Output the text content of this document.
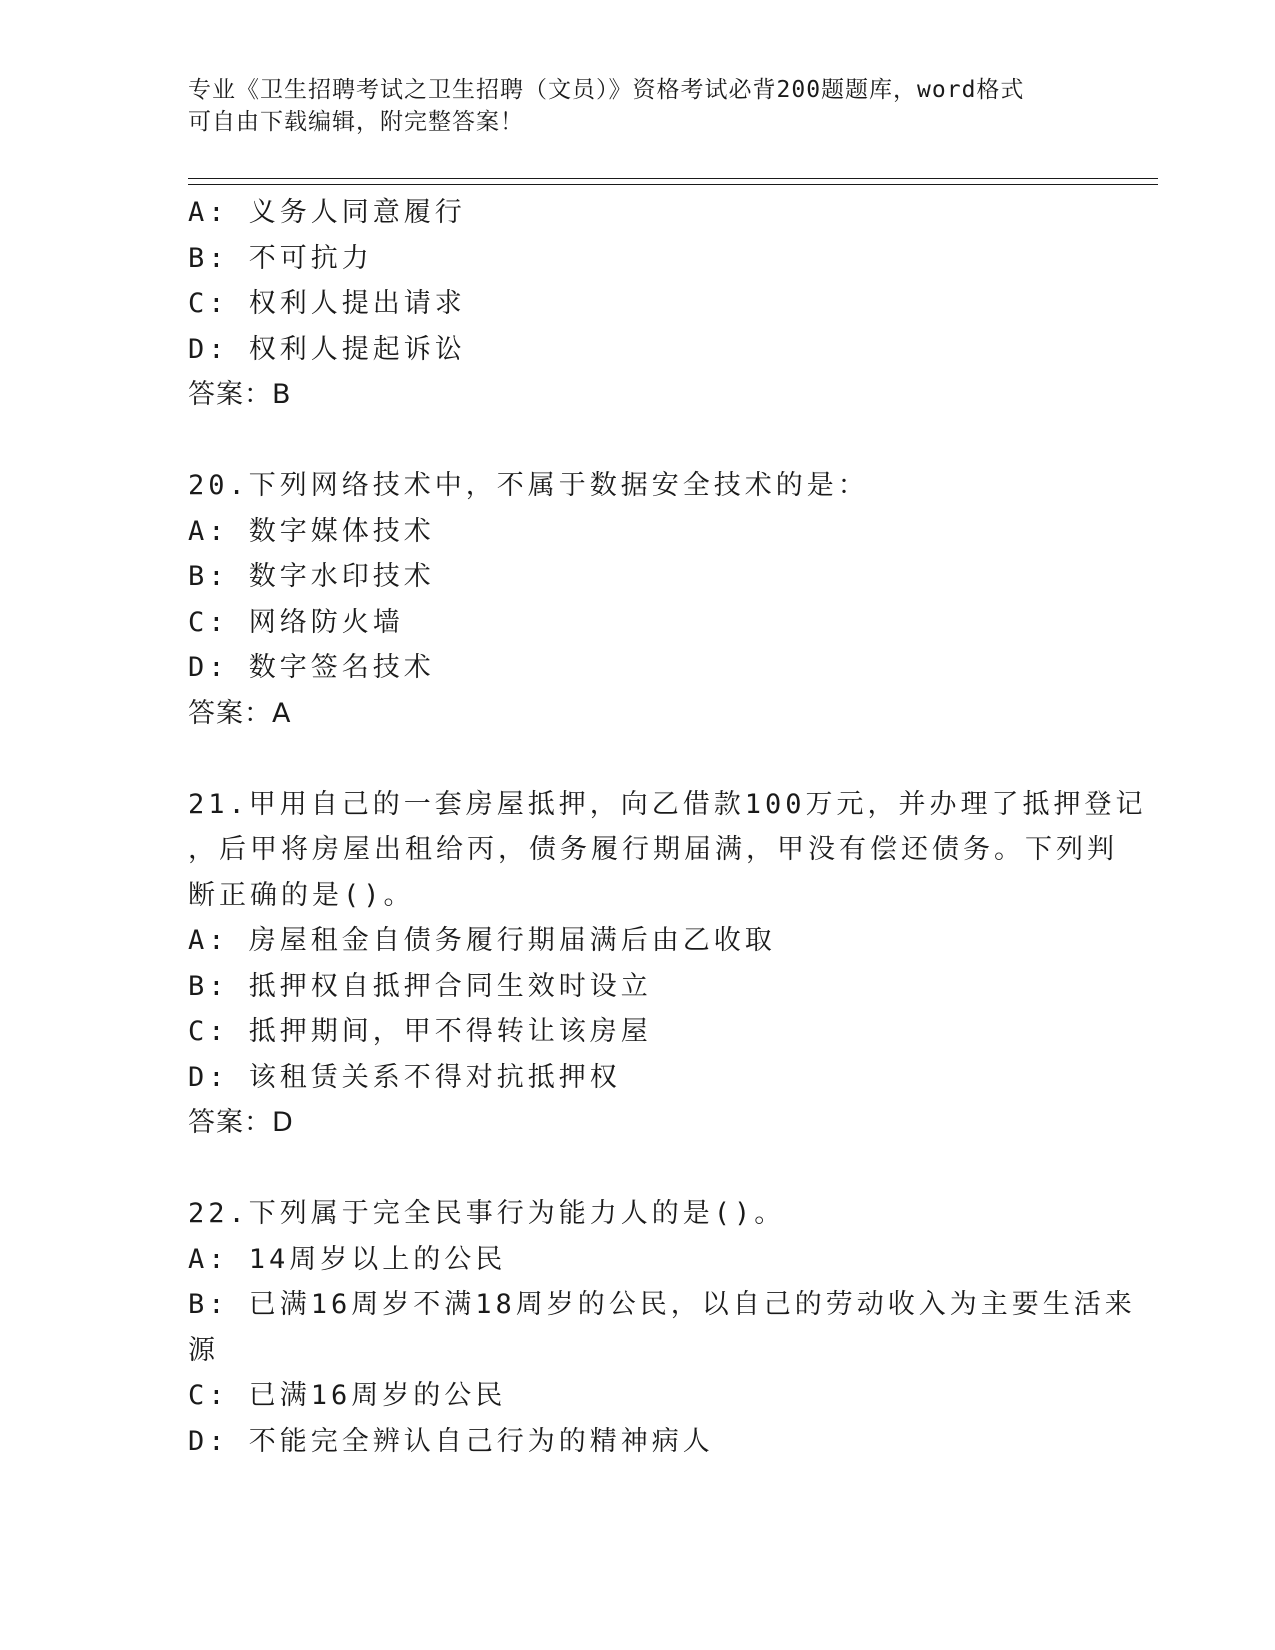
专业《卫生招聘考试之卫生招聘（文员）》资格考试必背200题题库，word格式
可自由下载编辑，附完整答案！
A: 义务人同意履行
B: 不可抗力
C: 权利人提出请求
D: 权利人提起诉讼
答案：B
20.下列网络技术中，不属于数据安全技术的是：
A: 数字媒体技术
B: 数字水印技术
C: 网络防火墙
D: 数字签名技术
答案：A
21.甲用自己的一套房屋抵押，向乙借款100万元，并办理了抵押登记
，后甲将房屋出租给丙，债务履行期届满，甲没有偿还债务。下列判
断正确的是()。
A: 房屋租金自债务履行期届满后由乙收取
B: 抵押权自抵押合同生效时设立
C: 抵押期间，甲不得转让该房屋
D: 该租赁关系不得对抗抵押权
答案：D
22.下列属于完全民事行为能力人的是()。
A: 14周岁以上的公民
B: 已满16周岁不满18周岁的公民，以自己的劳动收入为主要生活来
源
C: 已满16周岁的公民
D: 不能完全辨认自己行为的精神病人
